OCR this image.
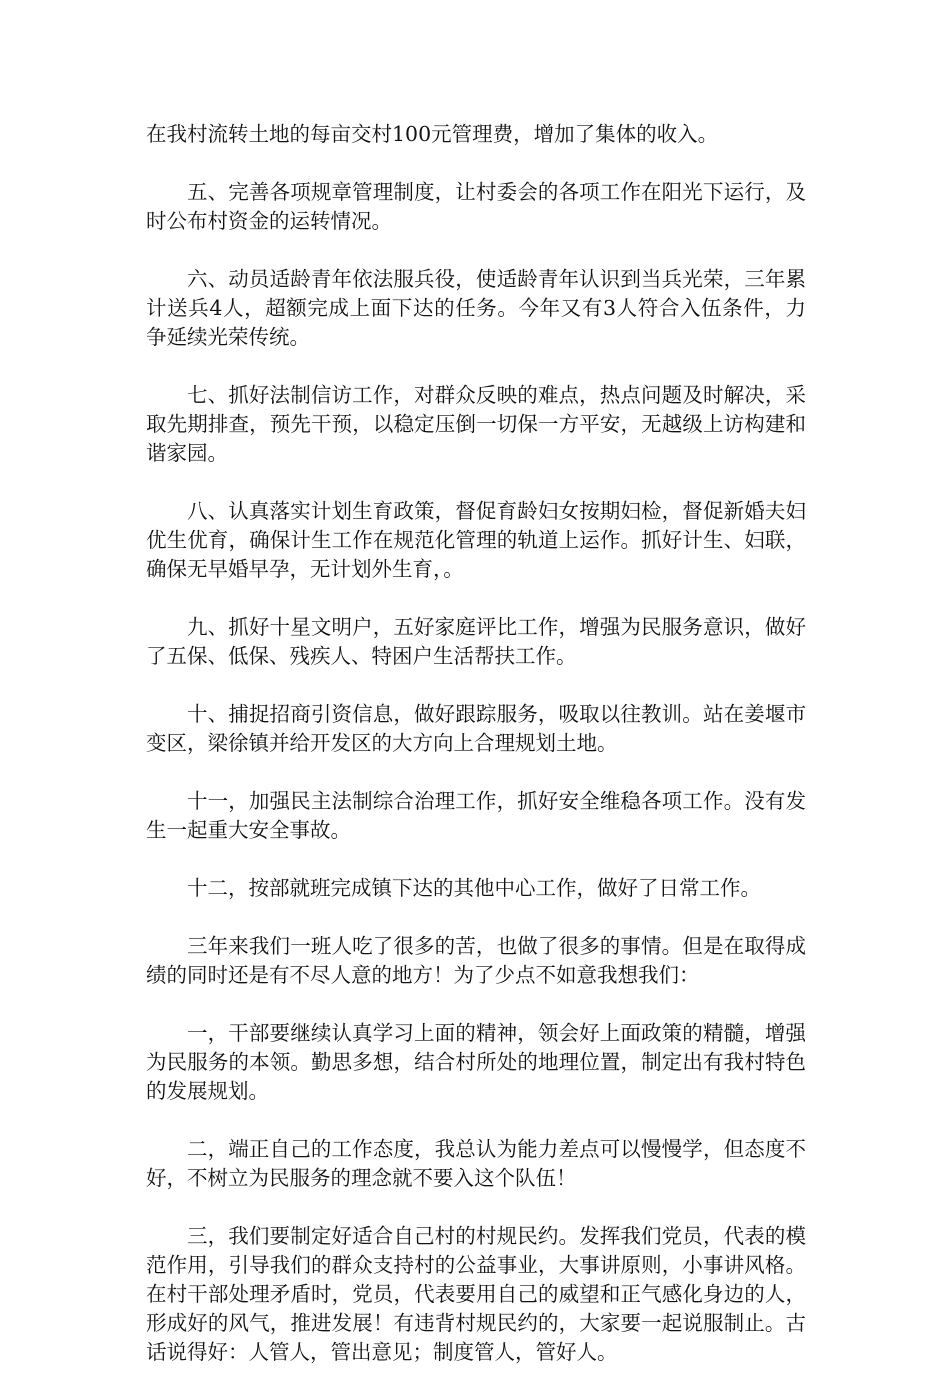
在我村流转土地的每亩交村100元管理费，增加了集体的收入。

五、完善各项规章管理制度，让村委会的各项工作在阳光下运行，及时公布村资金的运转情况。

六、动员适龄青年依法服兵役，使适龄青年认识到当兵光荣，三年累计送兵4人，超额完成上面下达的任务。今年又有3人符合入伍条件，力争延续光荣传统。

七、抓好法制信访工作，对群众反映的难点，热点问题及时解决，采取先期排查，预先干预，以稳定压倒一切保一方平安，无越级上访构建和谐家园。

八、认真落实计划生育政策，督促育龄妇女按期妇检，督促新婚夫妇优生优育，确保计生工作在规范化管理的轨道上运作。抓好计生、妇联，确保无早婚早孕，无计划外生育，。

九、抓好十星文明户，五好家庭评比工作，增强为民服务意识，做好了五保、低保、残疾人、特困户生活帮扶工作。

十、捕捉招商引资信息，做好跟踪服务，吸取以往教训。站在姜堰市变区，梁徐镇并给开发区的大方向上合理规划土地。

十一，加强民主法制综合治理工作，抓好安全维稳各项工作。没有发生一起重大安全事故。

十二，按部就班完成镇下达的其他中心工作，做好了日常工作。

三年来我们一班人吃了很多的苦，也做了很多的事情。但是在取得成绩的同时还是有不尽人意的地方！为了少点不如意我想我们：

一，干部要继续认真学习上面的精神，领会好上面政策的精髓，增强为民服务的本领。勤思多想，结合村所处的地理位置，制定出有我村特色的发展规划。

二，端正自己的工作态度，我总认为能力差点可以慢慢学，但态度不好，不树立为民服务的理念就不要入这个队伍！

三，我们要制定好适合自己村的村规民约。发挥我们党员，代表的模范作用，引导我们的群众支持村的公益事业，大事讲原则，小事讲风格。在村干部处理矛盾时，党员，代表要用自己的威望和正气感化身边的人，形成好的风气，推进发展！有违背村规民约的，大家要一起说服制止。古话说得好：人管人，管出意见；制度管人，管好人。
